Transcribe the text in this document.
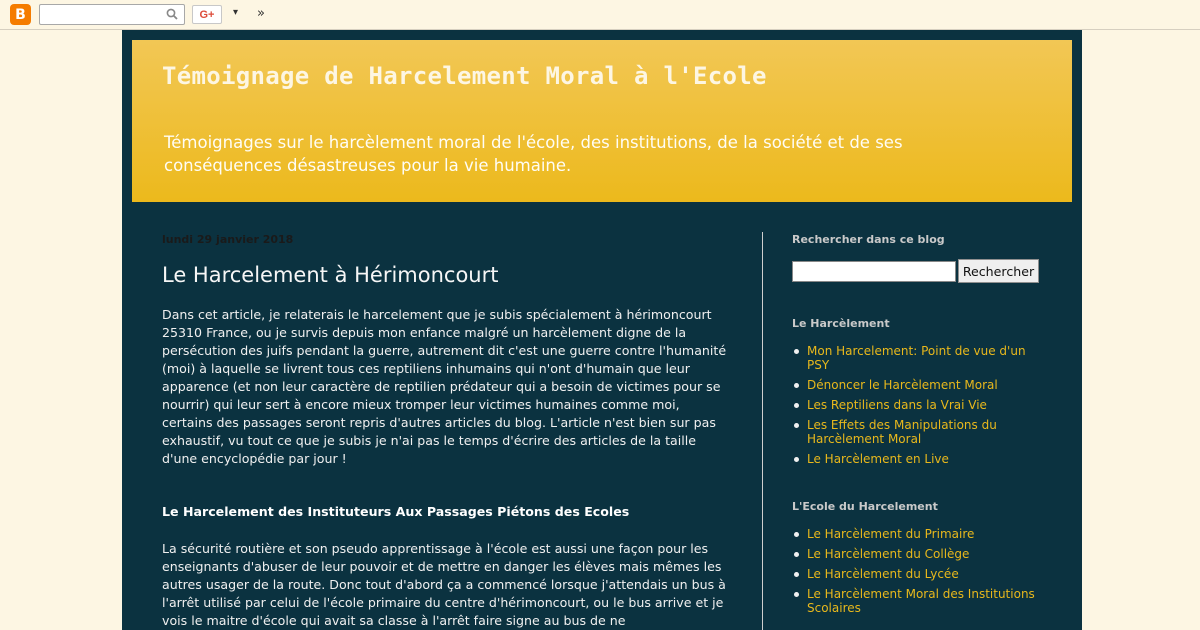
B	G+	▾ »
Témoignage de Harcelement Moral à l'Ecole
Témoignages sur le harcèlement moral de l'école, des institutions, de la société et de ses conséquences désastreuses pour la vie humaine.
lundi 29 janvier 2018
Le Harcelement à Hérimoncourt
Dans cet article, je relaterais le harcelement que je subis spécialement à hérimoncourt 25310 France, ou je survis depuis mon enfance malgré un harcèlement digne de la persécution des juifs pendant la guerre, autrement dit c'est une guerre contre l'humanité (moi) à laquelle se livrent tous ces reptiliens inhumains qui n'ont d'humain que leur apparence (et non leur caractère de reptilien prédateur qui a besoin de victimes pour se nourrir) qui leur sert à encore mieux tromper leur victimes humaines comme moi, certains des passages seront repris d'autres articles du blog. L'article n'est bien sur pas exhaustif, vu tout ce que je subis je n'ai pas le temps d'écrire des articles de la taille d'une encyclopédie par jour !
Le Harcelement des Instituteurs Aux Passages Piétons des Ecoles
La sécurité routière et son pseudo apprentissage à l'école est aussi une façon pour les enseignants d'abuser de leur pouvoir et de mettre en danger les élèves mais mêmes les autres usager de la route. Donc tout d'abord ça a commencé lorsque j'attendais un bus à l'arrêt utilisé par celui de l'école primaire du centre d'hérimoncourt, ou le bus arrive et je vois le maitre d'école qui avait sa classe à l'arrêt faire signe au bus de ne
Rechercher dans ce blog
Rechercher
Le Harcèlement
Mon Harcelement: Point de vue d'un PSY
Dénoncer le Harcèlement Moral
Les Reptiliens dans la Vrai Vie
Les Effets des Manipulations du Harcèlement Moral
Le Harcèlement en Live
L'Ecole du Harcelement
Le Harcèlement du Primaire
Le Harcèlement du Collège
Le Harcèlement du Lycée
Le Harcèlement Moral des Institutions Scolaires
